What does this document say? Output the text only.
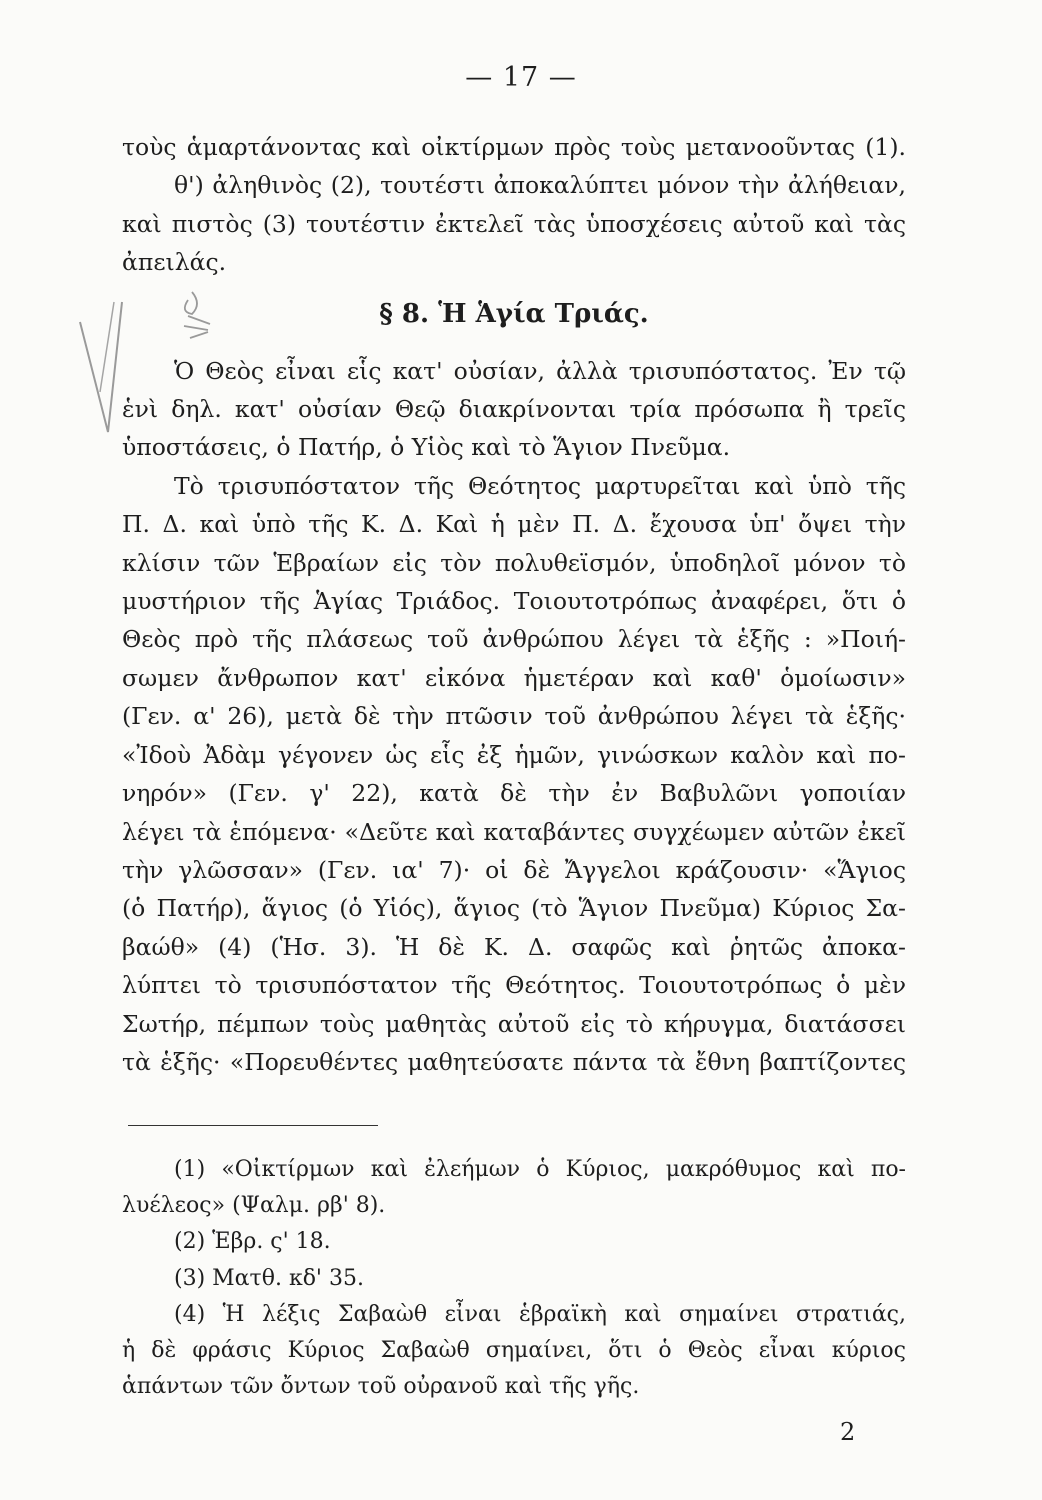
— 17 —

τοὺς ἁμαρτάνοντας καὶ οἰκτίρμων πρὸς τοὺς μετανοοῦντας (1).
θ') ἀληθινὸς (2), τουτέστι ἀποκαλύπτει μόνον τὴν ἀλήθειαν,
καὶ πιστὸς (3) τουτέστιν ἐκτελεῖ τὰς ὑποσχέσεις αὐτοῦ καὶ τὰς
ἀπειλάς.

§ 8. Ἡ Ἁγία Τριάς.

Ὁ Θεὸς εἶναι εἷς κατ' οὐσίαν, ἀλλὰ τρισυπόστατος. Ἐν τῷ
ἑνὶ δηλ. κατ' οὐσίαν Θεῷ διακρίνονται τρία πρόσωπα ἢ τρεῖς
ὑποστάσεις, ὁ Πατήρ, ὁ Υἱὸς καὶ τὸ Ἅγιον Πνεῦμα.

Τὸ τρισυπόστατον τῆς Θεότητος μαρτυρεῖται καὶ ὑπὸ τῆς
Π. Δ. καὶ ὑπὸ τῆς Κ. Δ. Καὶ ἡ μὲν Π. Δ. ἔχουσα ὑπ' ὄψει τὴν
κλίσιν τῶν Ἑβραίων εἰς τὸν πολυθεϊσμόν, ὑποδηλοῖ μόνον τὸ
μυστήριον τῆς Ἁγίας Τριάδος. Τοιουτοτρόπως ἀναφέρει, ὅτι ὁ
Θεὸς πρὸ τῆς πλάσεως τοῦ ἀνθρώπου λέγει τὰ ἑξῆς : »Ποιή-
σωμεν ἄνθρωπον κατ' εἰκόνα ἡμετέραν καὶ καθ' ὁμοίωσιν»
(Γεν. α' 26), μετὰ δὲ τὴν πτῶσιν τοῦ ἀνθρώπου λέγει τὰ ἑξῆς·
«Ἰδοὺ Ἀδὰμ γέγονεν ὡς εἷς ἐξ ἡμῶν, γινώσκων καλὸν καὶ πο-
νηρόν» (Γεν. γ' 22), κατὰ δὲ τὴν ἐν Βαβυλῶνι γοποιίαν
λέγει τὰ ἑπόμενα· «Δεῦτε καὶ καταβάντες συγχέωμεν αὐτῶν ἐκεῖ
τὴν γλῶσσαν» (Γεν. ια' 7)· οἱ δὲ Ἄγγελοι κράζουσιν· «Ἅγιος
(ὁ Πατήρ), ἅγιος (ὁ Υἱός), ἅγιος (τὸ Ἅγιον Πνεῦμα) Κύριος Σα-
βαώθ» (4) (Ἡσ. 3). Ἡ δὲ Κ. Δ. σαφῶς καὶ ῥητῶς ἀποκα-
λύπτει τὸ τρισυπόστατον τῆς Θεότητος. Τοιουτοτρόπως ὁ μὲν
Σωτήρ, πέμπων τοὺς μαθητὰς αὐτοῦ εἰς τὸ κήρυγμα, διατάσσει
τὰ ἑξῆς· «Πορευθέντες μαθητεύσατε πάντα τὰ ἔθνη βαπτίζοντες

(1) «Οἰκτίρμων καὶ ἐλεήμων ὁ Κύριος, μακρόθυμος καὶ πο-
λυέλεος» (Ψαλμ. ρβ' 8).
(2) Ἑβρ. ς' 18.
(3) Ματθ. κδ' 35.
(4) Ἡ λέξις Σαβαὼθ εἶναι ἑβραϊκὴ καὶ σημαίνει στρατιάς,
ἡ δὲ φράσις Κύριος Σαβαὼθ σημαίνει, ὅτι ὁ Θεὸς εἶναι κύριος
ἁπάντων τῶν ὄντων τοῦ οὐρανοῦ καὶ τῆς γῆς.
2
